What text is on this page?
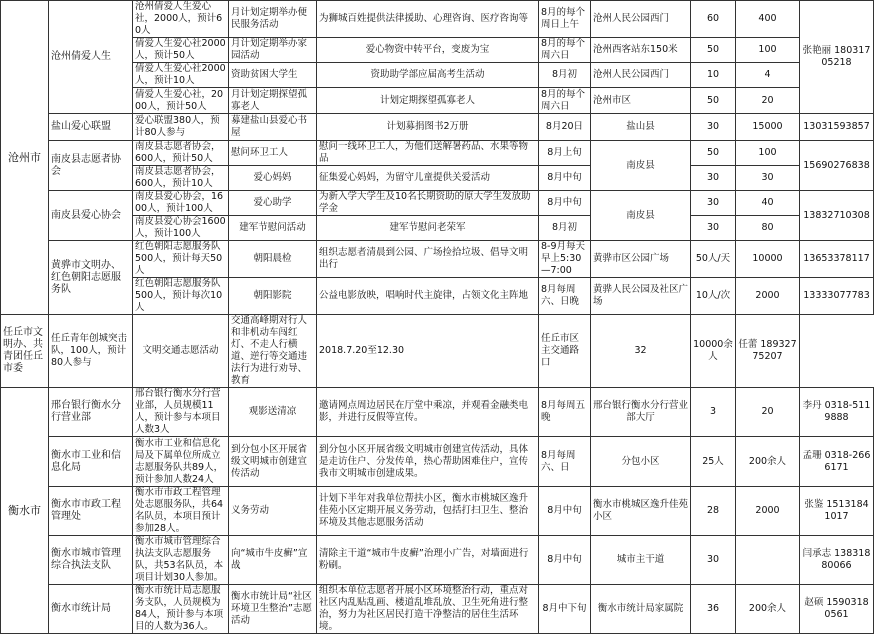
沧州市	沧州倩爱人生	沧州倩爱人生爱心社，2000人，预计60人	月计划定期举办便民服务活动	为狮城百姓提供法律援助、心理咨询、医疗咨询等	8月的每个周日上午	沧州人民公园西门	60	400	张艳丽 18031705218
		倩爱人生爱心社2000人，预计50人	月计划定期举办家园活动	爱心物资中转平台，变废为宝	8月的每个周六日	沧州西客站东150米	50	100	
		倩爱人生爱心社2000人，预计10人	资助贫困大学生	资助助学部应届高考生活动	8月初	沧州人民公园西门	10	4	
		倩爱人生爱心社，2000人，预计50人	月计划定期探望孤寡老人	计划定期探望孤寡老人	8月的每个周六日	沧州市区	50	20	
	盐山爱心联盟	爱心联盟380人，预计80人参与	募建盐山县爱心书屋	计划募捐图书2万册	8月20日	盐山县	30	15000	13031593857
	南皮县志愿者协会	南皮县志愿者协会，600人，预计50人	慰问环卫工人	慰问一线环卫工人，为他们送解暑药品、水果等物品	8月上旬	南皮县	50	100	15690276838
		南皮县志愿者协会，600人，预计10人	爱心妈妈	征集爱心妈妈，为留守儿童提供关爱活动	8月中旬		30	30	
	南皮县爱心协会	南皮县爱心协会，1600人，预计100人	爱心助学	为新入学大学生及10名长期资助的原大学生发放助学金	8月中旬	南皮县	30	40	13832710308
		南皮县爱心协会1600人，预计100人	建军节慰问活动	建军节慰问老荣军	8月初		30	80	
	黄骅市文明办、红色朝阳志愿服务队	红色朝阳志愿服务队500人，预计每天50人	朝阳晨检	组织志愿者清晨到公园、广场捡拾垃圾、倡导文明出行	8-9月每天早上5:30—7:00	黄骅市区公园广场	50人/天	10000	13653378117
		红色朝阳志愿服务队500人，预计每次10人	朝阳影院	公益电影放映，唱响时代主旋律，占领文化主阵地	8月每周六、日晚	黄骅人民公园及社区广场	10人/次	2000	13333077783
任丘市文明办、共青团任丘市委	任丘青年创城突击队，100人，预计80人参与	文明交通志愿活动	交通高峰期对行人和非机动车闯红灯、不走人行横道、逆行等交通违法行为进行劝导、教育	2018.7.20至12.30	任丘市区主交通路口	32	10000余人	任蕾 18932775207	
衡水市	邢台银行衡水分行营业部	邢台银行衡水分行营业部，人员规模11人，预计参与本项目人数3人	观影送清凉	邀请网点周边居民在厅堂中乘凉，并观看金融类电影，并进行反假等宣传。	8月每周五晚	邢台银行衡水分行营业部大厅	3	20	李丹 0318-5119888
	衡水市工业和信息化局	衡水市工业和信息化局及下属单位所成立志愿服务队共89人，预计参加人数24人	到分包小区开展省级文明城市创建宣传活动	到分包小区开展省级文明城市创建宣传活动，具体是走访住户、分发传单，热心帮助困难住户，宣传我市文明城市创建成果。	8月每周六、日	分包小区	25人	200余人	孟珊 0318-2666171
	衡水市市政工程管理处	衡水市市政工程管理处志愿服务队，共64名队员，本项目预计参加28人。	义务劳动	计划下半年对我单位帮扶小区，衡水市桃城区逸升佳苑小区定期开展义务劳动，包括打扫卫生、整治环境及其他志愿服务活动	8月中旬	衡水市桃城区逸升佳苑小区	28	2000	张鉴 15131841017
	衡水市城市管理综合执法支队	衡水市城市管理综合执法支队志愿服务队，共53名队员，本项目计划30人参加。	向“城市牛皮癣”宣战	清除主干道“城市牛皮癣”治理小广告，对墙面进行粉刷。	8月中旬	城市主干道	30		闫承志 13831880066
	衡水市统计局	衡水市统计局志愿服务支队，人员规模为84人，预计参与本项目的人数为36人。	衡水市统计局“社区环境卫生整治”志愿活动	组织本单位志愿者开展小区环境整治行动，重点对社区内乱贴乱画、楼道乱堆乱放、卫生死角进行整治，努力为社区居民打造干净整洁的居住生活环境。	8月中下旬	衡水市统计局家属院	36	200余人	赵硕 15903180561
